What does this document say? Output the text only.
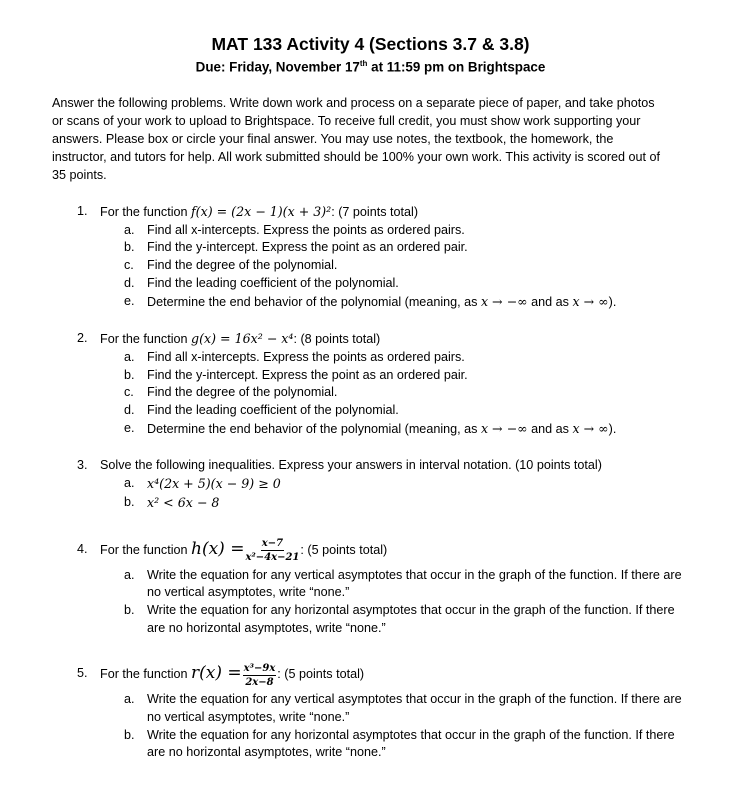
MAT 133 Activity 4 (Sections 3.7 & 3.8)
Due: Friday, November 17th at 11:59 pm on Brightspace
Answer the following problems. Write down work and process on a separate piece of paper, and take photos or scans of your work to upload to Brightspace. To receive full credit, you must show work supporting your answers. Please box or circle your final answer. You may use notes, the textbook, the homework, the instructor, and tutors for help. All work submitted should be 100% your own work. This activity is scored out of 35 points.
1. For the function f(x) = (2x − 1)(x + 3)²: (7 points total)
a. Find all x-intercepts. Express the points as ordered pairs.
b. Find the y-intercept. Express the point as an ordered pair.
c. Find the degree of the polynomial.
d. Find the leading coefficient of the polynomial.
e. Determine the end behavior of the polynomial (meaning, as x → −∞ and as x → ∞).
2. For the function g(x) = 16x² − x⁴: (8 points total)
a. Find all x-intercepts. Express the points as ordered pairs.
b. Find the y-intercept. Express the point as an ordered pair.
c. Find the degree of the polynomial.
d. Find the leading coefficient of the polynomial.
e. Determine the end behavior of the polynomial (meaning, as x → −∞ and as x → ∞).
3. Solve the following inequalities. Express your answers in interval notation. (10 points total)
a. x⁴(2x + 5)(x − 9) ≥ 0
b. x² < 6x − 8
4. For the function $h(x) = \frac{x-7}{\text{x²−4x−21}}$ : (5 points total)
a. Write the equation for any vertical asymptotes that occur in the graph of the function. If there are no vertical asymptotes, write “none.”
b. Write the equation for any horizontal asymptotes that occur in the graph of the function. If there are no horizontal asymptotes, write “none.”
5. For the function $r(x) = \frac{\text{x³−9x}}{2x-8}$ : (5 points total)
a. Write the equation for any vertical asymptotes that occur in the graph of the function. If there are no vertical asymptotes, write “none.”
b. Write the equation for any horizontal asymptotes that occur in the graph of the function. If there are no horizontal asymptotes, write “none.”
